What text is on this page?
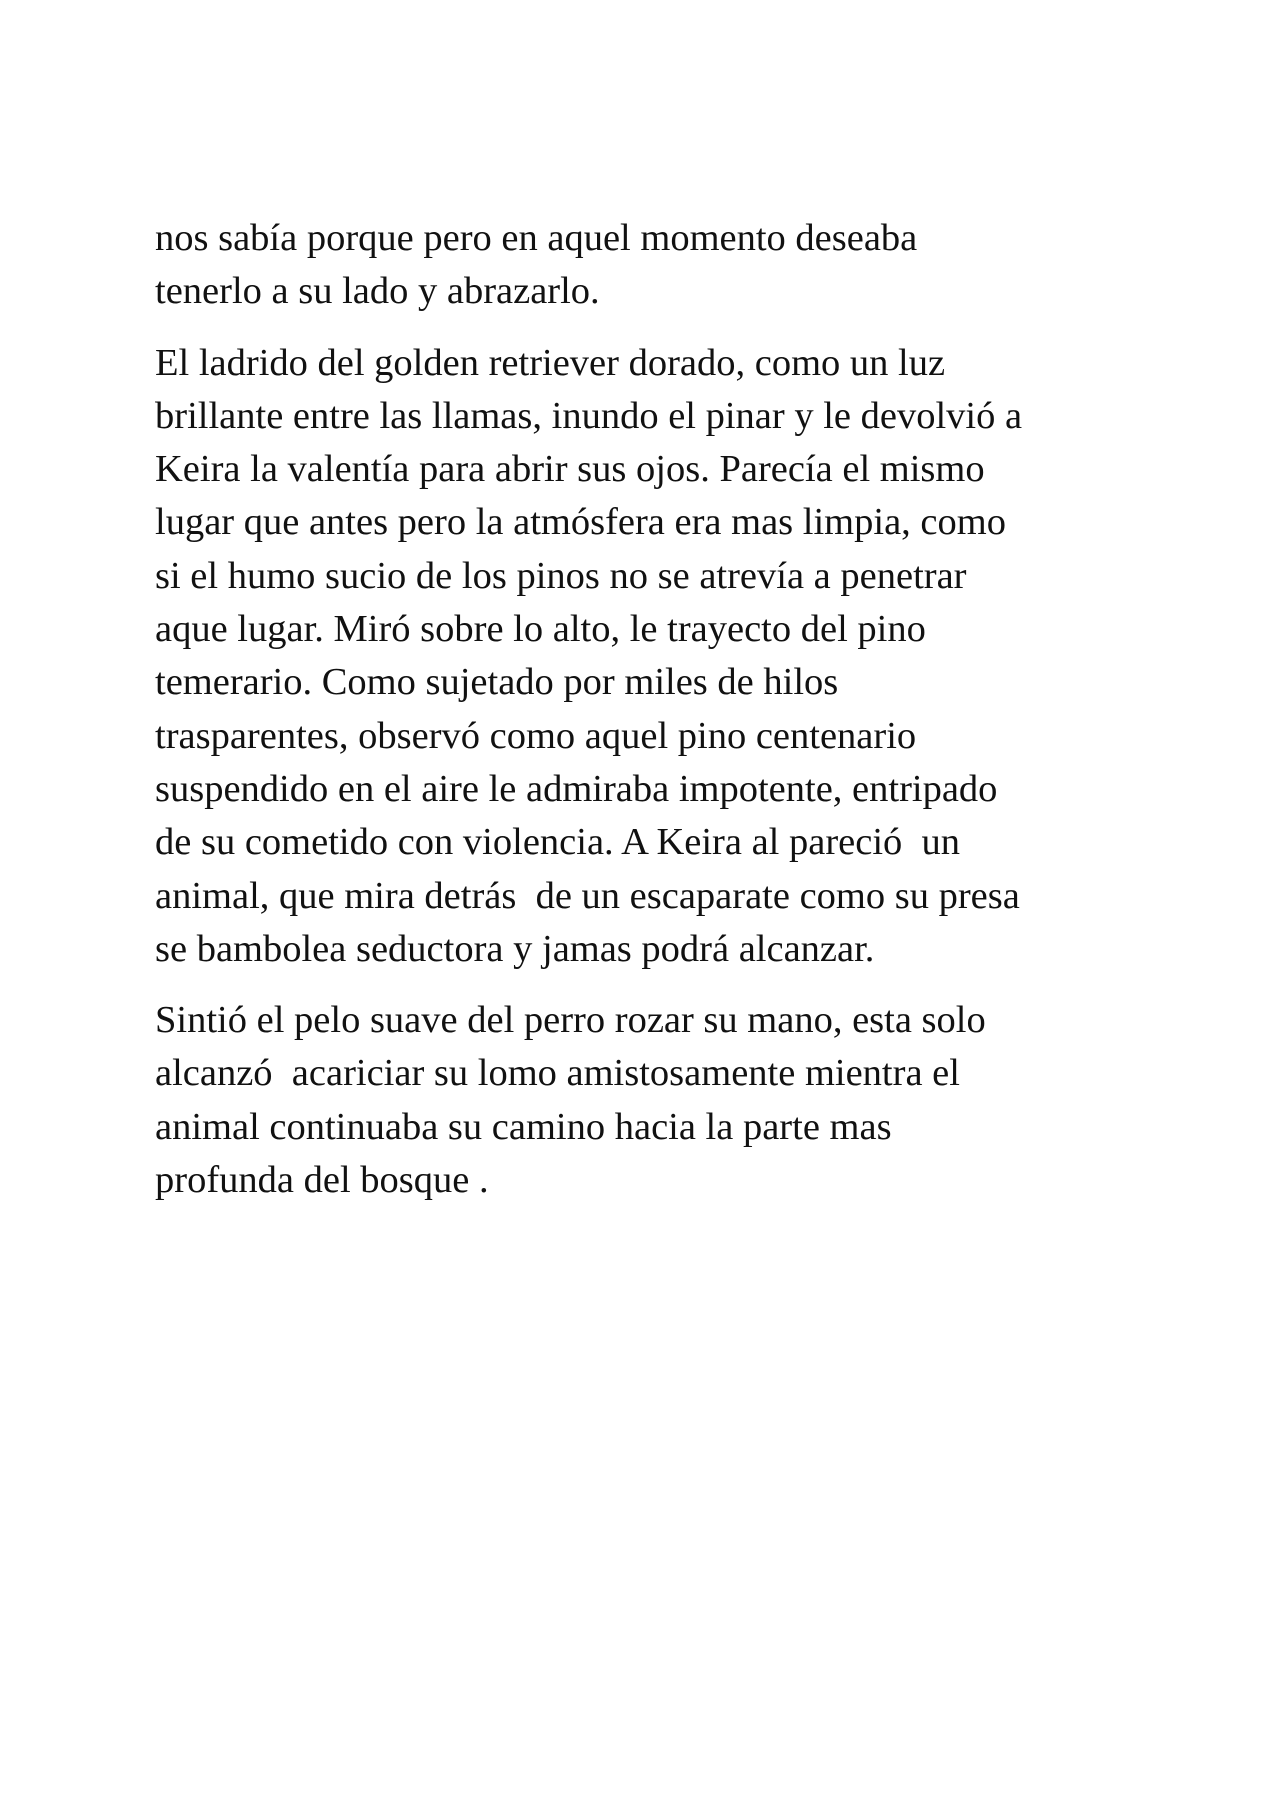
nos sabía porque pero en aquel momento deseaba
tenerlo a su lado y abrazarlo.
El ladrido del golden retriever dorado, como un luz
brillante entre las llamas, inundo el pinar y le devolvió a
Keira la valentía para abrir sus ojos. Parecía el mismo
lugar que antes pero la atmósfera era mas limpia, como
si el humo sucio de los pinos no se atrevía a penetrar
aque lugar. Miró sobre lo alto, le trayecto del pino
temerario. Como sujetado por miles de hilos
trasparentes, observó como aquel pino centenario
suspendido en el aire le admiraba impotente, entripado
de su cometido con violencia. A Keira al pareció  un
animal, que mira detrás  de un escaparate como su presa
se bambolea seductora y jamas podrá alcanzar.
Sintió el pelo suave del perro rozar su mano, esta solo
alcanzó  acariciar su lomo amistosamente mientra el
animal continuaba su camino hacia la parte mas
profunda del bosque .
